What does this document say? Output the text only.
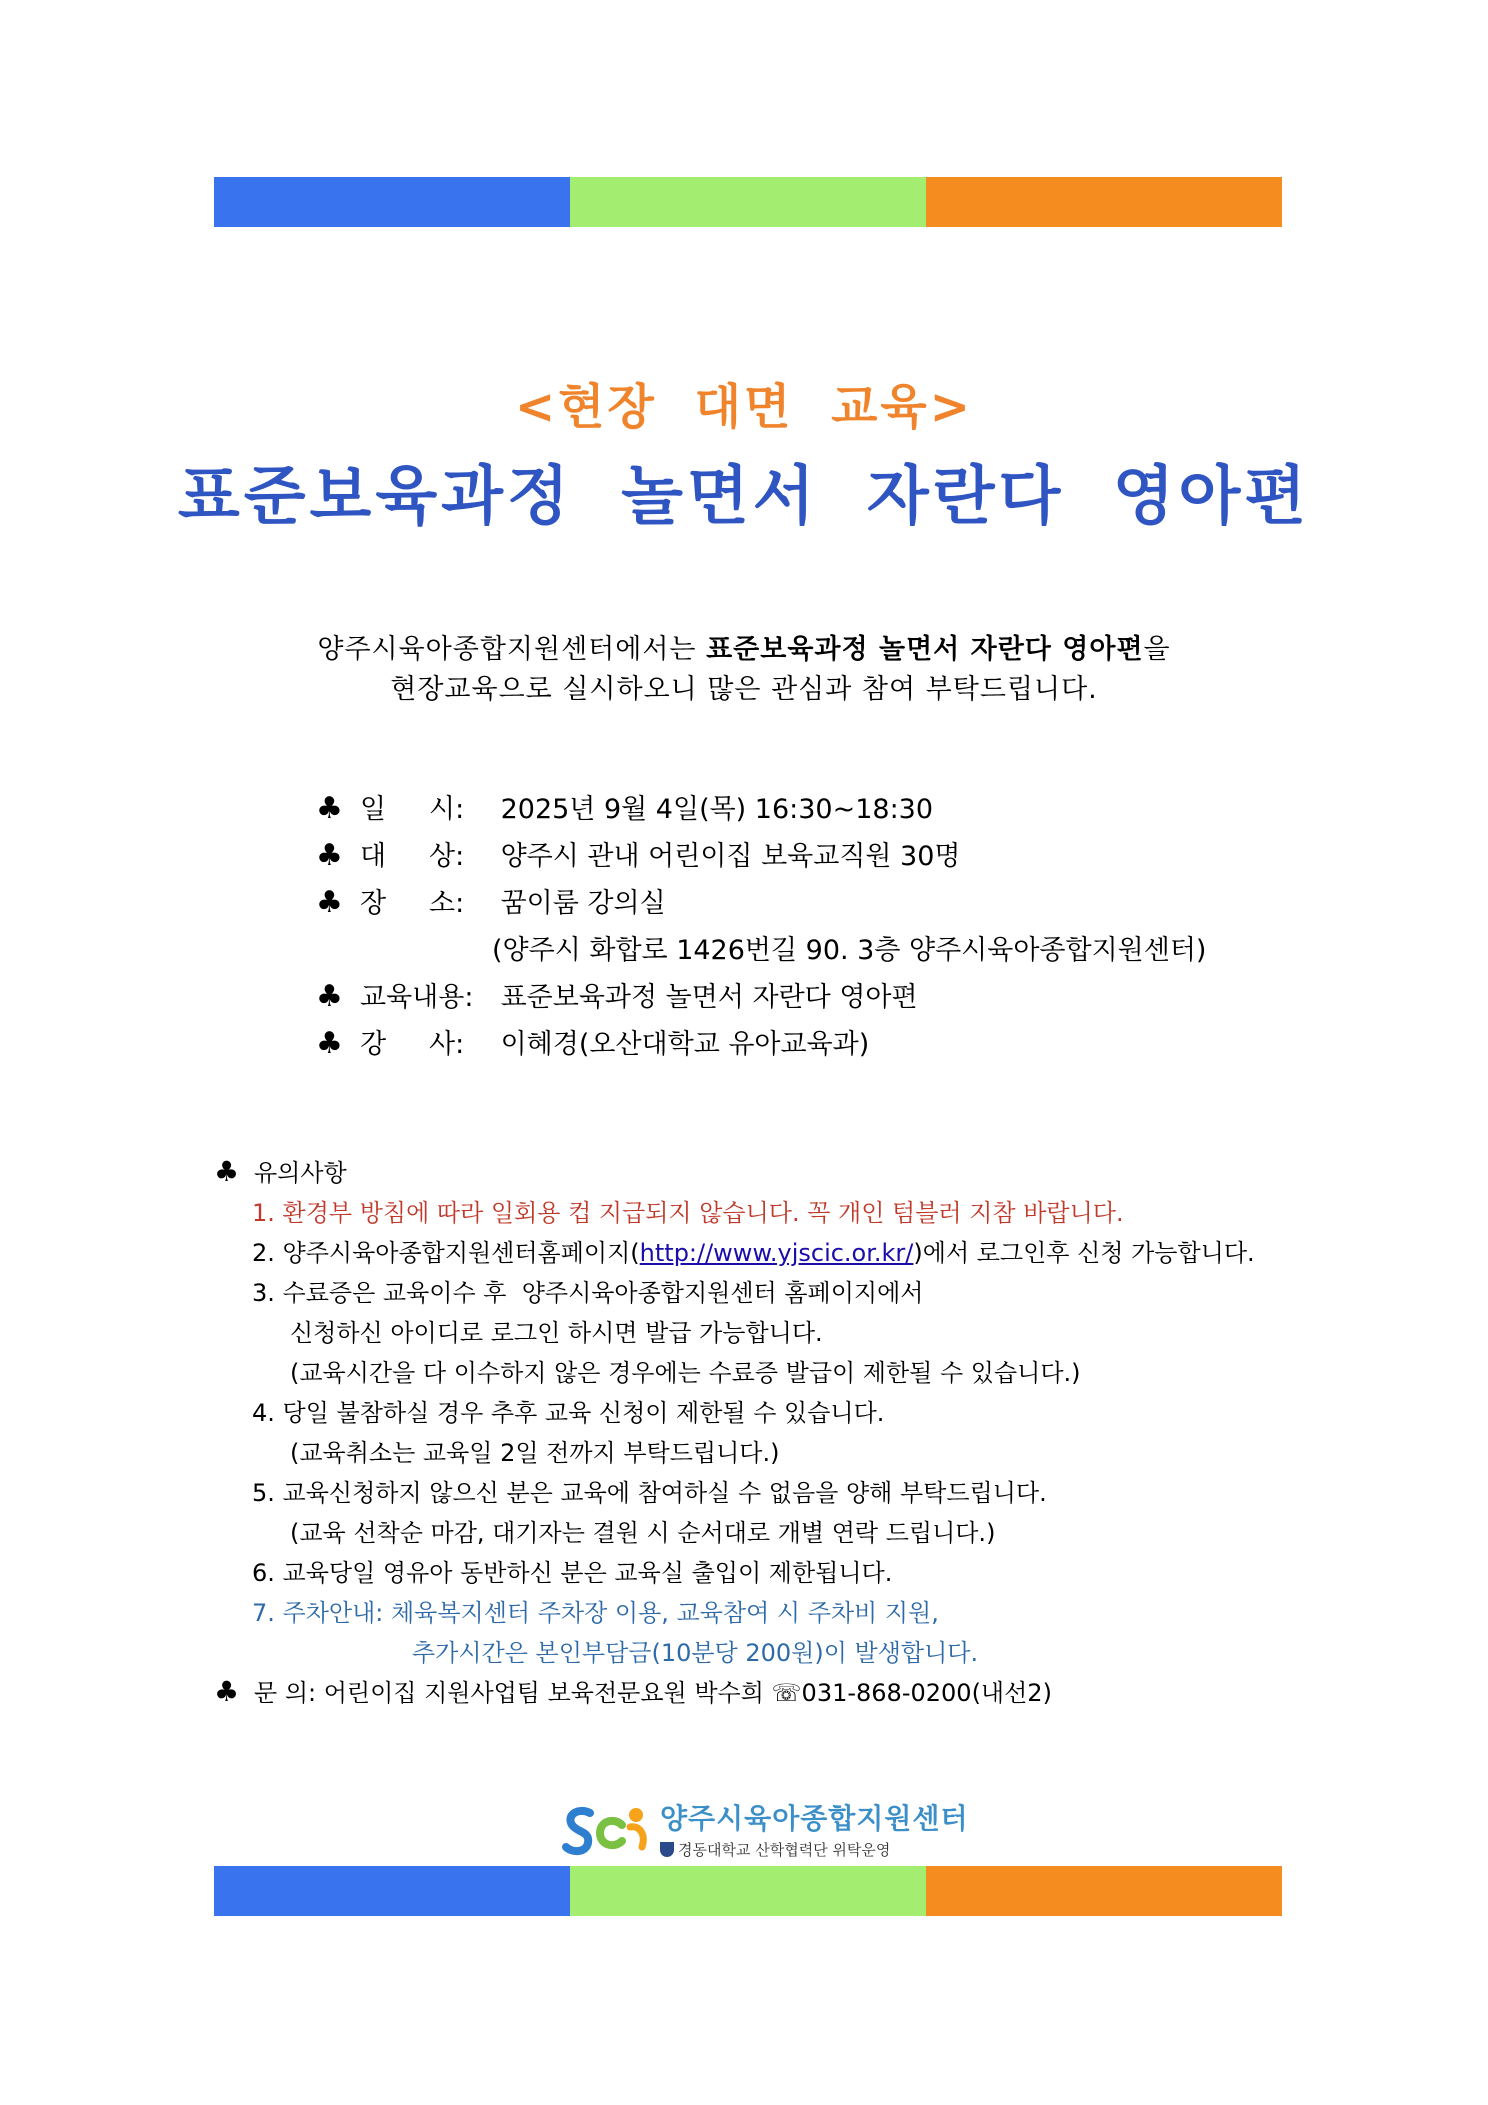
<현장 대면 교육>
표준보육과정 놀면서 자란다 영아편
양주시육아종합지원센터에서는 표준보육과정 놀면서 자란다 영아편을
현장교육으로 실시하오니 많은 관심과 참여 부탁드립니다.
♣ 일     시:	2025년 9월 4일(목) 16:30~18:30
♣ 대     상:	양주시 관내 어린이집 보육교직원 30명
♣ 장     소:	꿈이룸 강의실
(양주시 화합로 1426번길 90. 3층 양주시육아종합지원센터)
♣ 교육내용: 표준보육과정 놀면서 자란다 영아편
♣ 강     사:	이혜경(오산대학교 유아교육과)
♣ 유의사항
1. 환경부 방침에 따라 일회용 컵 지급되지 않습니다. 꼭 개인 텀블러 지참 바랍니다.
2. 양주시육아종합지원센터홈페이지(http://www.yjscic.or.kr/)에서 로그인후 신청 가능합니다.
3. 수료증은 교육이수 후  양주시육아종합지원센터 홈페이지에서
신청하신 아이디로 로그인 하시면 발급 가능합니다.
(교육시간을 다 이수하지 않은 경우에는 수료증 발급이 제한될 수 있습니다.)
4. 당일 불참하실 경우 추후 교육 신청이 제한될 수 있습니다.
(교육취소는 교육일 2일 전까지 부탁드립니다.)
5. 교육신청하지 않으신 분은 교육에 참여하실 수 없음을 양해 부탁드립니다.
(교육 선착순 마감, 대기자는 결원 시 순서대로 개별 연락 드립니다.)
6. 교육당일 영유아 동반하신 분은 교육실 출입이 제한됩니다.
7. 주차안내: 체육복지센터 주차장 이용, 교육참여 시 주차비 지원,
추가시간은 본인부담금(10분당 200원)이 발생합니다.
♣ 문 의: 어린이집 지원사업팀 보육전문요원 박수희 ☏031-868-0200(내선2)
양주시육아종합지원센터
경동대학교 산학협력단 위탁운영
